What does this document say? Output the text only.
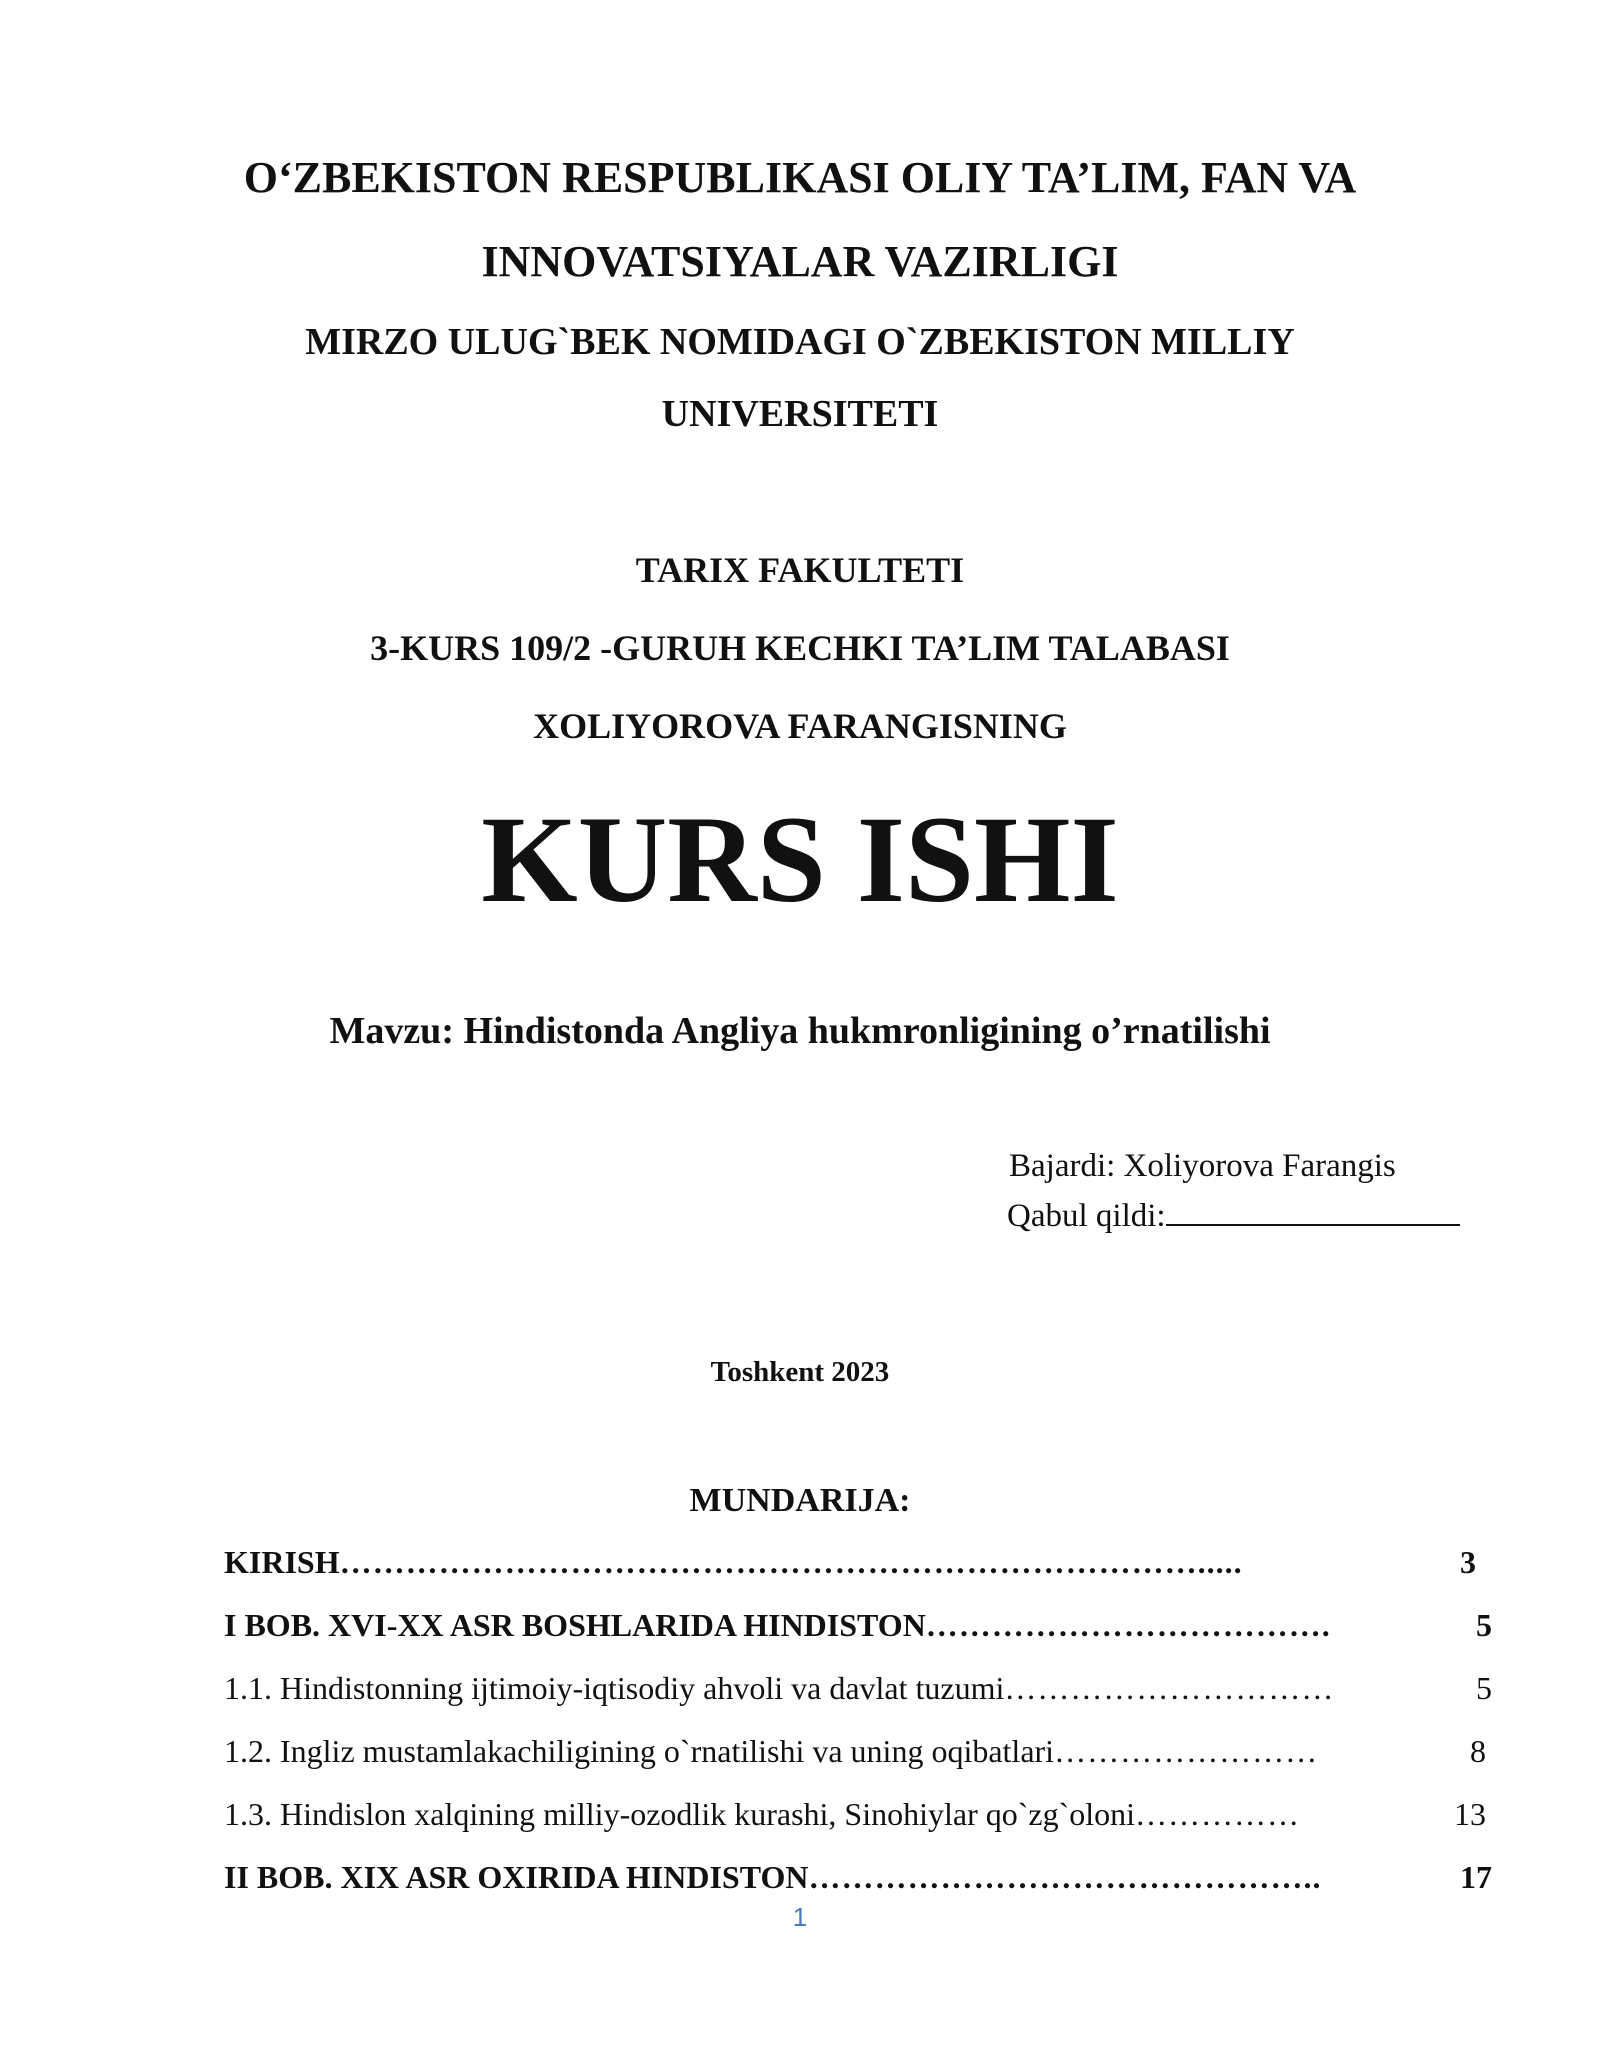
O‘ZBEKISTON RESPUBLIKASI OLIY TA’LIM, FAN VA
INNOVATSIYALAR VAZIRLIGI
MIRZO ULUG`BEK NOMIDAGI O`ZBEKISTON MILLIY
UNIVERSITETI
TARIX FAKULTETI
3-KURS 109/2 -GURUH KECHKI TA’LIM TALABASI
XOLIYOROVA FARANGISNING
KURS ISHI
Mavzu: Hindistonda Angliya hukmronligining o’rnatilishi
Bajardi: Xoliyorova Farangis
Qabul qildi:
Toshkent 2023
MUNDARIJA:
KIRISH …………………………………………………………………….....	3
I BOB. XVI-XX ASR BOSHLARIDA HINDISTON ……………………………….	5
1.1. Hindistonning ijtimoiy-iqtisodiy ahvoli va davlat tuzumi …………………………	5
1.2. Ingliz mustamlakachiligining o`rnatilishi va uning oqibatlari ……………………	8
1.3. Hindislon xalqining milliy-ozodlik kurashi, Sinohiylar qo`zg`oloni ……………	13
II BOB. XIX ASR OXIRIDA HINDISTON ………………………………………..	17
1
